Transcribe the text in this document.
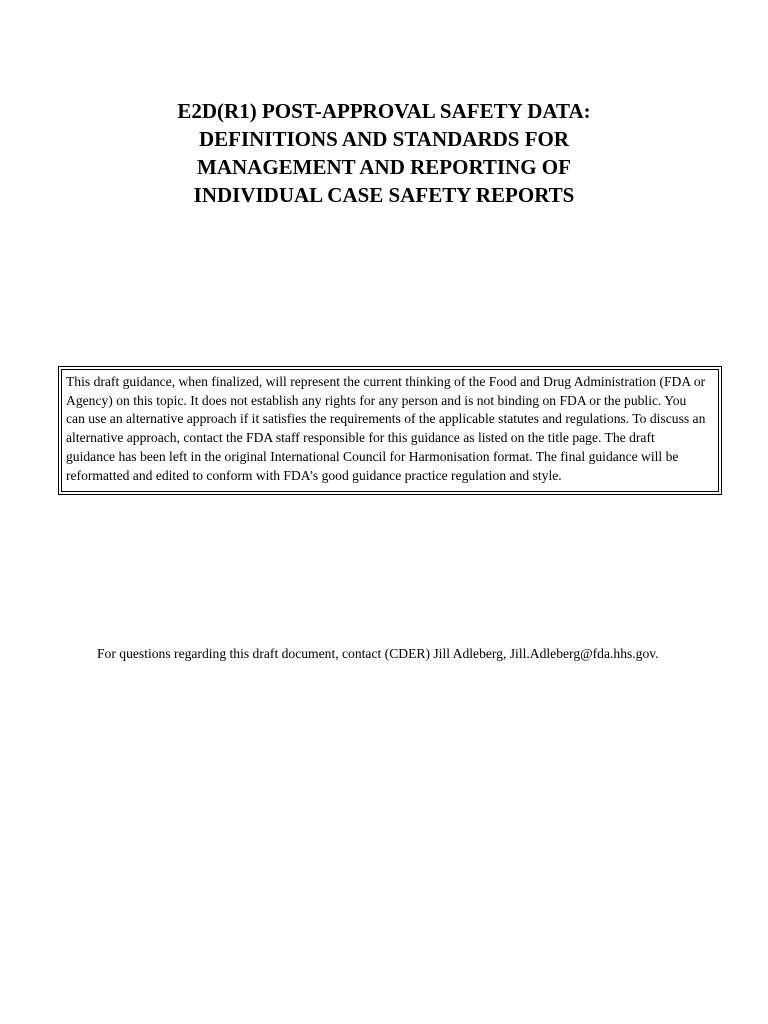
E2D(R1) POST-APPROVAL SAFETY DATA:
DEFINITIONS AND STANDARDS FOR
MANAGEMENT AND REPORTING OF
INDIVIDUAL CASE SAFETY REPORTS
This draft guidance, when finalized, will represent the current thinking of the Food and Drug Administration (FDA or
Agency) on this topic. It does not establish any rights for any person and is not binding on FDA or the public. You
can use an alternative approach if it satisfies the requirements of the applicable statutes and regulations. To discuss an
alternative approach, contact the FDA staff responsible for this guidance as listed on the title page. The draft
guidance has been left in the original International Council for Harmonisation format. The final guidance will be
reformatted and edited to conform with FDA’s good guidance practice regulation and style.

For questions regarding this draft document, contact (CDER) Jill Adleberg, Jill.Adleberg@fda.hhs.gov.
